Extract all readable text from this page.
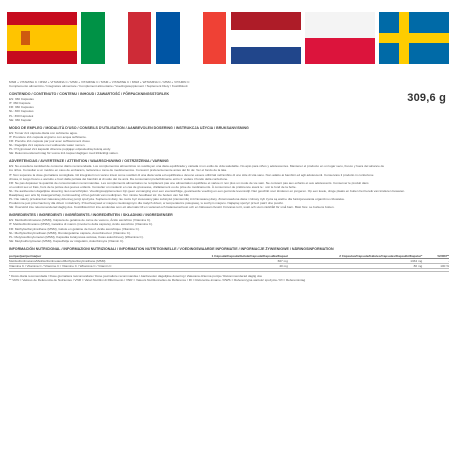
309,6 g
MSM + VITAMINA C / MSM + VITAMINA C / MSM + VITAMINE C / MSM + VITAMINE C / MSM + WITAMINA C / MSM + VITAMIN C
Complemento alimenticio / Integratore alimentare / Complément alimentaire / Voedingssupplement / Suplement Diety / Kosttillskott
CONTENIDO / CONTENUTO / CONTENU / INHOUD / ZAWARTOŚĆ / FÖRPACKNINGSSTORLEK
ES: 360 Cápsulas
IT: 360 Capsule
FR: 360 Capsules
NL: 360 Capsules
PL: 360 Kapsułek
SE: 360 Kapslar
MODO DE EMPLEO / MODALITÀ D'USO / CONSEILS D'UTILISATION / AANBEVOLEN DOSERING / INSTRUKCJA UŻYCIA / BRUKSANVISNING
ES: Tomar 2x1 cápsula diaria con suficiente agua.
IT: Prendere 2x1 capsula al giorno con acqua sufficiente.
FR: Prendre 2x1 capsule par jour avec suffisamment d'eau.
NL: Dagelijks 2x1 capsule met voldoende water nemen.
PL: Przyjmować 2x1 kapsułki dziennie popijając odpowiednią ilością wody.
SE: Rekommenderad intag för vuxna 2x1 kapsel dagligen med tillräckligt vatten.
ADVERTENCIAS / AVVERTENZE / ATTENTION / WAARSCHUWING / OSTRZEŻENIA / VARNING
ES: No exceda la cantidad de consumo diario recomendada. Los complementos alimenticios no sustituyen una dieta equilibrada y variada ni un estilo de vida saludable. No apto para niños y adolescentes. Mantener el producto en un lugar seco, fresco y fuera del alcance de
los niños. Consultar a un médico en caso de embarazo, lactancia o toma de medicamentos. Consumir preferentemente antes del fin de: Ver el fondo de la lata.
IT: Non superare la dose giornaliera consigliata. Gli integratori non vanno intesi come sostituti di una dieta varia ed equilibrata e devono essere utilizzati nell'ambito di uno stile di vita sano. Non adatto ai bambini ed agli adolescenti. Conservare il prodotto in confezione
chiusa, in luogo fresco e asciutto e fuori dalla portata dei bambini al di sotto dei tre anni. Da consumarsi preferibilmente entro il: vedere il fondo della confezione.
FR: Ne pas dépasser la quantité de consommation recommandée. Les compléments alimentaires ne remplacent pas une alimentation équilibrée et variée ni non plus un mode de vie sain. Ne convient pas aux enfants et aux adolescents. Conserver le produit dans
un endroit sec et frais, hors de la portée des jeunes enfants. Consulter un médecin en cas de grossesse, d'allaitement ou de prise de médicaments. À consommer de préférence avant le : voir le fond de la boîte.
NL: De aanbevolen dagelijkse dosering niet overschrijden. Voedingssupplementen zijn geen vervanging voor een evenwichtige, gevarieerde voeding en een gezonde levensstijl. Niet geschikt voor kinderen en jongeren. Op een koele, droge plaats en buiten het bereik van kinderen bewaren.
Raadpleeg een arts bij zwangerschap, borstvoeding of het gebruik van medicijnen. Ten minste houdbaar tot: zie bodem van het blik.
PL: Nie należy przekraczać zalecanej dziennej porcji spożycia. Suplement diety nie może być stosowany jako substytut (zamiennik) zróżnicowanej diety. Zrównoważona dieta i zdrowy tryb życia są ważne dla funkcjonowania organizmu człowieka.
Produkt nie jest przeznaczony dla dzieci i młodzieży. Przechowywać w miejscu niedostępnym dla małych dzieci, w temperaturze pokojowej, w suchym miejscu. Najlepiej spożyć przed: patrz dno puszki.
SE: Överskrid inte rekommenderad daglig dos. Kosttillskott bör inte användas som ett alternativ till en varierad och balanserad kost och en hälsosam livsstil. Förvaras torrt, svalt och utom räckhåll för små barn. Bäst före: se burkens botten.
INGREDIENTES / INGREDIENTI / INGRÉDIENTS / INGREDIËNTEN / SKŁADNIKI / INGREDIENSER
ES: Metilsulfonilmetano (MSM), Cápsula de gelatina de carne de vacuno, Ácido ascórbico (Vitamina C).
IT: Metilsulfonilmetano (MSM), Gelatina di manzo (involucro della capsula), Acido ascorbico (Vitamina C).
FR: Méthylsulfonylméthane (MSM), Gélule en gélatine de bœuf, Acide ascorbique (Vitamine C).
NL: Methylsulfonylmethaan (MSM), Rundergelatine capsule, Ascorbinezuur (Vitamine C).
PL: Metylosulfonylometan (MSM), Kapsułka żelatynowa wołowa, Kwas askorbinowy (Witamina C).
SE: Metylsulfonylmetan (MSM), Kapselhölje av nötgelatin, Askorbinsyra (Vitamin C).
INFORMACIÓN NUTRICIONAL / INFORMAZIONI NUTRIZIONALI / INFORMATION NUTRITIONNELLE / VOEDINGSWAARDE INFORMATIE / INFORMACJE ŻYWIENIOWE / NÄRINGSINFORMATION
por/per/par/per/na/per	1 Cápsula/Capsula/Gélule/Capsule/Kapsułka/Kapsel	2 Cápsulas/Capsule/Gélules/Capsules/Kapsułki/Kapslar*	%VRN**
Metilsulfonilmetano/Metilsulfonilmetano/Méthylsulfonylméthane (MSM)	667 mg	1334 mg	-
Vitamina C / Vitamina C / Vitamine C / Vitamine C / Witamina C / Vitamin C	40 mg	80 mg	100 %
* Dosis diaria recomendada / Dose giornaliera raccomandata / Dose journalière recommandée / Aanbevolen dagelijkse dosering / Zalecana dzienna porcja / Rekommenderad daglig dos
** VRN = Valores de Referencia de Nutrientes / VNR = Valori Nutritivi di Riferimento / VNR = Valeurs Nutritionnelles de Référence / RI = Referentie-inname / RWS = Referencyjna wartość spożycia / RI = Referensintag
